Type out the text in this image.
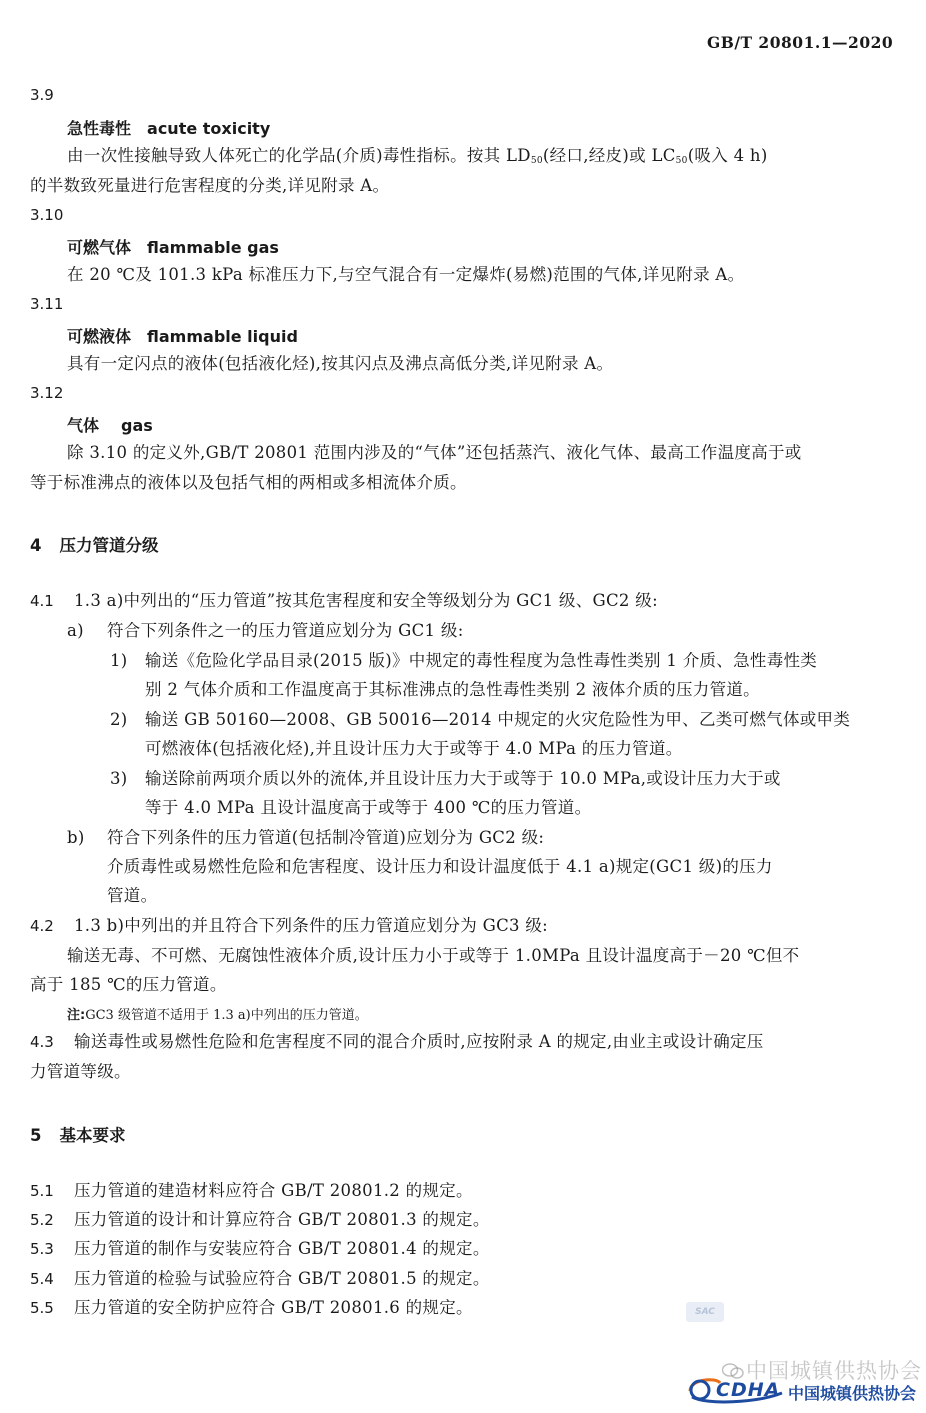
GB/T 20801.1—2020
3.9
急性毒性 acute toxicity
由一次性接触导致人体死亡的化学品(介质)毒性指标。按其 $LD_{50}$(经口,经皮)或 $LC_{50}$(吸入 4 h)
的半数致死量进行危害程度的分类,详见附录 A。
3.10
可燃气体 flammable gas
在 20 ℃及 101.3 kPa 标准压力下,与空气混合有一定爆炸(易燃)范围的气体,详见附录 A。
3.11
可燃液体 flammable liquid
具有一定闪点的液体(包括液化烃),按其闪点及沸点高低分类,详见附录 A。
3.12
气体 gas
除 3.10 的定义外,GB/T 20801 范围内涉及的“气体”还包括蒸汽、液化气体、最高工作温度高于或
等于标准沸点的液体以及包括气相的两相或多相流体介质。
4 压力管道分级
4.1 1.3 a)中列出的“压力管道”按其危害程度和安全等级划分为 GC1 级、GC2 级:
a) 符合下列条件之一的压力管道应划分为 GC1 级:
1) 输送《危险化学品目录(2015 版)》中规定的毒性程度为急性毒性类别 1 介质、急性毒性类
别 2 气体介质和工作温度高于其标准沸点的急性毒性类别 2 液体介质的压力管道。
2) 输送 GB 50160—2008、GB 50016—2014 中规定的火灾危险性为甲、乙类可燃气体或甲类
可燃液体(包括液化烃),并且设计压力大于或等于 4.0 MPa 的压力管道。
3) 输送除前两项介质以外的流体,并且设计压力大于或等于 10.0 MPa,或设计压力大于或
等于 4.0 MPa 且设计温度高于或等于 400 ℃的压力管道。
b) 符合下列条件的压力管道(包括制冷管道)应划分为 GC2 级:
介质毒性或易燃性危险和危害程度、设计压力和设计温度低于 4.1 a)规定(GC1 级)的压力
管道。
4.2 1.3 b)中列出的并且符合下列条件的压力管道应划分为 GC3 级:
输送无毒、不可燃、无腐蚀性液体介质,设计压力小于或等于 1.0MPa 且设计温度高于－20 ℃但不
高于 185 ℃的压力管道。
注:GC3 级管道不适用于 1.3 a)中列出的压力管道。
4.3 输送毒性或易燃性危险和危害程度不同的混合介质时,应按附录 A 的规定,由业主或设计确定压
力管道等级。
5 基本要求
5.1 压力管道的建造材料应符合 GB/T 20801.2 的规定。
5.2 压力管道的设计和计算应符合 GB/T 20801.3 的规定。
5.3 压力管道的制作与安装应符合 GB/T 20801.4 的规定。
5.4 压力管道的检验与试验应符合 GB/T 20801.5 的规定。
5.5 压力管道的安全防护应符合 GB/T 20801.6 的规定。	SAC
中国城镇供热协会
CDHA 中国城镇供热协会
